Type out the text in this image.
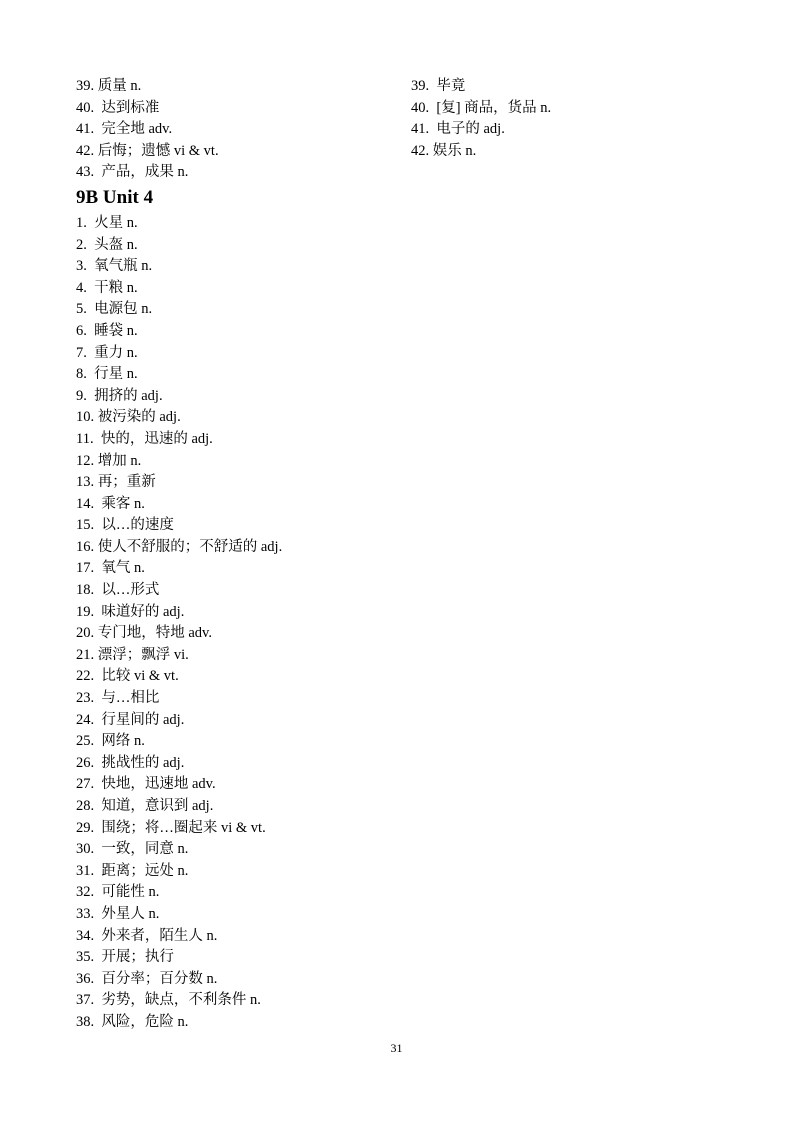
39. 质量 n.
40.  达到标准
41.  完全地 adv.
42. 后悔；遗憾 vi & vt.
43.  产品，成果 n.
9B Unit 4
1.  火星 n.
2.  头盔 n.
3.  氧气瓶 n.
4.  干粮 n.
5.  电源包 n.
6.  睡袋 n.
7.  重力 n.
8.  行星 n.
9.  拥挤的 adj.
10. 被污染的 adj.
11.  快的，迅速的 adj.
12. 增加 n.
13. 再；重新
14.  乘客 n.
15.  以…的速度
16. 使人不舒服的；不舒适的 adj.
17.  氧气 n.
18.  以…形式
19.  味道好的 adj.
20. 专门地，特地 adv.
21. 漂浮；飘浮 vi.
22.  比较 vi & vt.
23.  与…相比
24.  行星间的 adj.
25.  网络 n.
26.  挑战性的 adj.
27.  快地，迅速地 adv.
28.  知道，意识到 adj.
29.  围绕；将…圈起来 vi & vt.
30.  一致，同意 n.
31.  距离；远处 n.
32.  可能性 n.
33.  外星人 n.
34.  外来者，陌生人 n.
35.  开展；执行
36.  百分率；百分数 n.
37.  劣势，缺点，不利条件 n.
38.  风险，危险 n.
39.  毕竟
40.  [复] 商品，货品 n.
41.  电子的 adj.
42. 娱乐 n.
31
